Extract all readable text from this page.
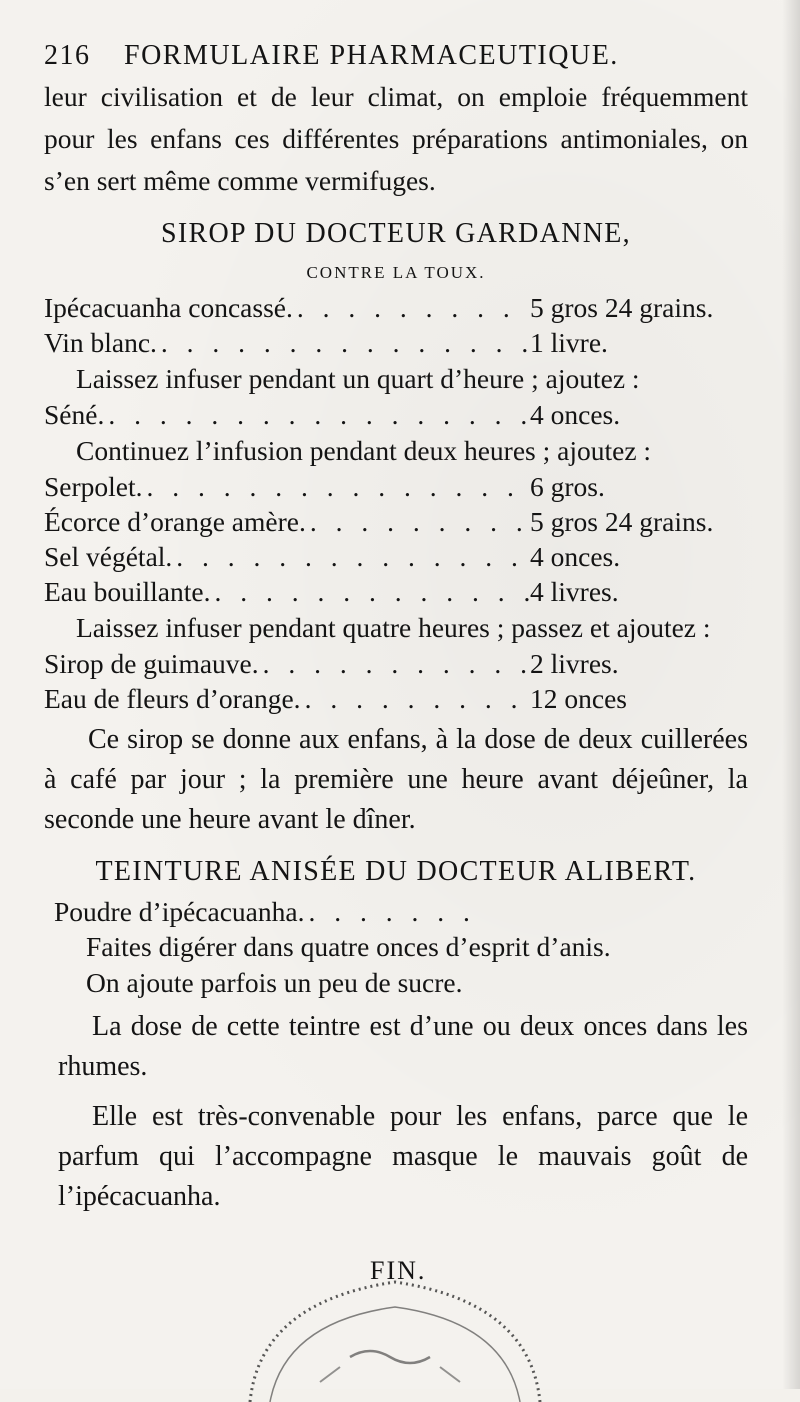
216	FORMULAIRE PHARMACEUTIQUE.

leur civilisation et de leur climat, on emploie fréquemment pour les enfans ces différentes préparations antimoniales, on s’en sert même comme vermifuges.

SIROP DU DOCTEUR GARDANNE,
CONTRE LA TOUX.
Ipécacuanha concassé. . . .	5 gros 24 grains.
Vin blanc. . . .	1 livre.

Laissez infuser pendant un quart d’heure ; ajoutez :

Séné. . . .	4 onces.

Continuez l’infusion pendant deux heures ; ajoutez :

Serpolet. . . .	6 gros.
Écorce d’orange amère. . . .	5 gros 24 grains.
Sel végétal. . . .	4 onces.
Eau bouillante. . . .	4 livres.

Laissez infuser pendant quatre heures ; passez et ajoutez :

Sirop de guimauve. . . .	2 livres.
Eau de fleurs d’orange. . . .	12 onces

Ce sirop se donne aux enfans, à la dose de deux cuillerées à café par jour ; la première une heure avant déjeûner, la seconde une heure avant le dîner.

TEINTURE ANISÉE DU DOCTEUR ALIBERT.
Poudre d’ipécacuanha.
. . .

Faites digérer dans quatre onces d’esprit d’anis.

On ajoute parfois un peu de sucre.

La dose de cette teintre est d’une ou deux onces dans les rhumes.

Elle est très-convenable pour les enfans, parce que le parfum qui l’accompagne masque le mauvais goût de l’ipécacuanha.

FIN.
